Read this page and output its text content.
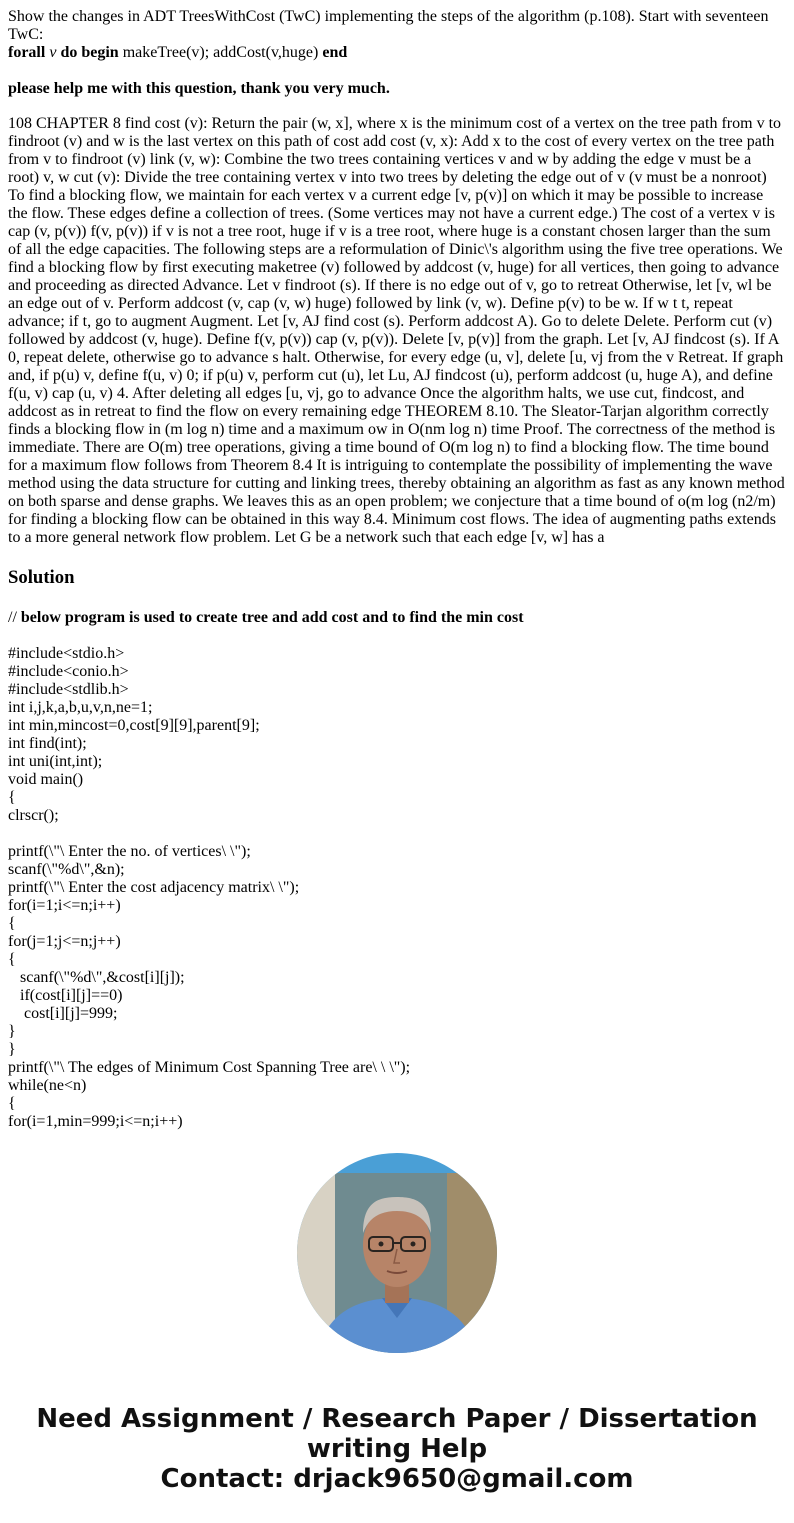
Show the changes in ADT TreesWithCost (TwC) implementing the steps of the algorithm (p.108). Start with seventeen TwC:
forall v do begin makeTree(v); addCost(v,huge) end

please help me with this question, thank you very much.

108 CHAPTER 8 find cost (v): Return the pair (w, x], where x is the minimum cost of a vertex on the tree path from v to findroot (v) and w is the last vertex on this path of cost add cost (v, x): Add x to the cost of every vertex on the tree path from v to findroot (v) link (v, w): Combine the two trees containing vertices v and w by adding the edge v must be a root) v, w cut (v): Divide the tree containing vertex v into two trees by deleting the edge out of v (v must be a nonroot) To find a blocking flow, we maintain for each vertex v a current edge [v, p(v)] on which it may be possible to increase the flow. These edges define a collection of trees. (Some vertices may not have a current edge.) The cost of a vertex v is cap (v, p(v)) f(v, p(v)) if v is not a tree root, huge if v is a tree root, where huge is a constant chosen larger than the sum of all the edge capacities. The following steps are a reformulation of Dinic\'s algorithm using the five tree operations. We find a blocking flow by first executing maketree (v) followed by addcost (v, huge) for all vertices, then going to advance and proceeding as directed Advance. Let v findroot (s). If there is no edge out of v, go to retreat Otherwise, let [v, wl be an edge out of v. Perform addcost (v, cap (v, w) huge) followed by link (v, w). Define p(v) to be w. If w t t, repeat advance; if t, go to augment Augment. Let [v, AJ find cost (s). Perform addcost A). Go to delete Delete. Perform cut (v) followed by addcost (v, huge). Define f(v, p(v)) cap (v, p(v)). Delete [v, p(v)] from the graph. Let [v, AJ findcost (s). If A 0, repeat delete, otherwise go to advance s halt. Otherwise, for every edge (u, v], delete [u, vj from the v Retreat. If graph and, if p(u) v, define f(u, v) 0; if p(u) v, perform cut (u), let Lu, AJ findcost (u), perform addcost (u, huge A), and define f(u, v) cap (u, v) 4. After deleting all edges [u, vj, go to advance Once the algorithm halts, we use cut, findcost, and addcost as in retreat to find the flow on every remaining edge THEOREM 8.10. The Sleator-Tarjan algorithm correctly finds a blocking flow in (m log n) time and a maximum ow in O(nm log n) time Proof. The correctness of the method is immediate. There are O(m) tree operations, giving a time bound of O(m log n) to find a blocking flow. The time bound for a maximum flow follows from Theorem 8.4 It is intriguing to contemplate the possibility of implementing the wave method using the data structure for cutting and linking trees, thereby obtaining an algorithm as fast as any known method on both sparse and dense graphs. We leaves this as an open problem; we conjecture that a time bound of o(m log (n2/m) for finding a blocking flow can be obtained in this way 8.4. Minimum cost flows. The idea of augmenting paths extends to a more general network flow problem. Let G be a network such that each edge [v, w] has a

Solution

// below program is used to create tree and add cost and to find the min cost

#include<stdio.h>
#include<conio.h>
#include<stdlib.h>
int i,j,k,a,b,u,v,n,ne=1;
int min,mincost=0,cost[9][9],parent[9];
int find(int);
int uni(int,int);
void main()
{
clrscr();
printf(\"\ Enter the no. of vertices\ \");
scanf(\"%d\",&n);
printf(\"\ Enter the cost adjacency matrix\ \");
for(i=1;i<=n;i++)
{
for(j=1;j<=n;j++)
{
scanf(\"%d\",&cost[i][j]);
if(cost[i][j]==0)
cost[i][j]=999;
}
}
printf(\"\ The edges of Minimum Cost Spanning Tree are\ \ \");
while(ne<n)
{
for(i=1,min=999;i<=n;i++)
Need Assignment / Research Paper / Dissertation
writing Help
Contact: drjack9650@gmail.com
